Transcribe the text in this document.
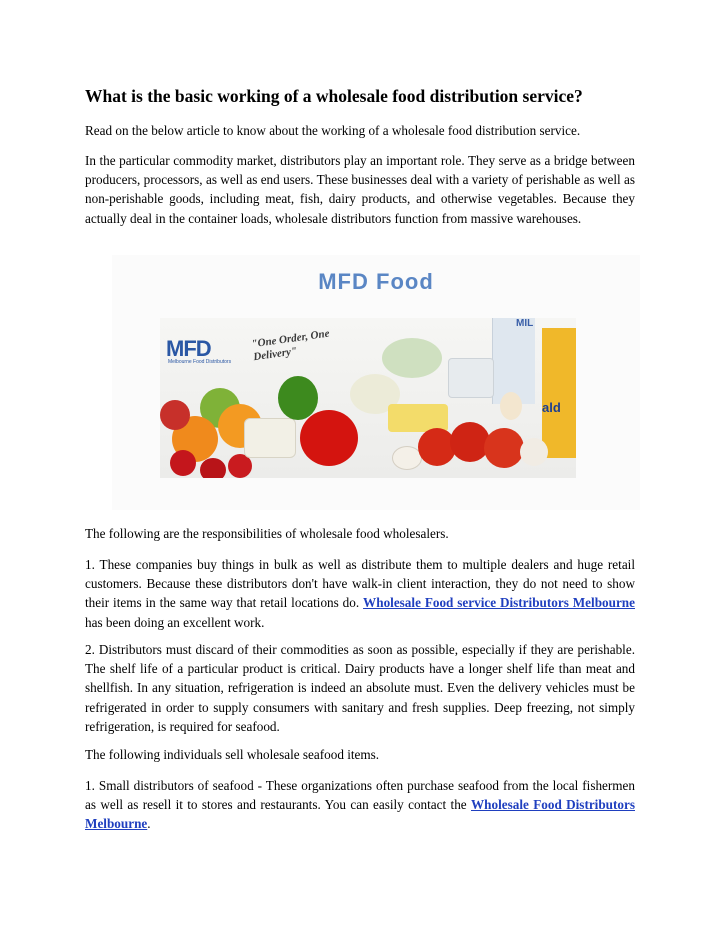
What is the basic working of a wholesale food distribution service?

Read on the below article to know about the working of a wholesale food distribution service.

In the particular commodity market, distributors play an important role. They serve as a bridge between producers, processors, as well as end users. These businesses deal with a variety of perishable as well as non-perishable goods, including meat, fish, dairy products, and otherwise vegetables. Because they actually deal in the container loads, wholesale distributors function from massive warehouses.

MFD Food
MFD
Melbourne Food Distributors
"One Order, One Delivery"
MIL
ald

The following are the responsibilities of wholesale food wholesalers.

1. These companies buy things in bulk as well as distribute them to multiple dealers and huge retail customers. Because these distributors don't have walk-in client interaction, they do not need to show their items in the same way that retail locations do. Wholesale Food service Distributors Melbourne has been doing an excellent work.

2. Distributors must discard of their commodities as soon as possible, especially if they are perishable. The shelf life of a particular product is critical. Dairy products have a longer shelf life than meat and shellfish. In any situation, refrigeration is indeed an absolute must. Even the delivery vehicles must be refrigerated in order to supply consumers with sanitary and fresh supplies. Deep freezing, not simply refrigeration, is required for seafood.

The following individuals sell wholesale seafood items.

1. Small distributors of seafood - These organizations often purchase seafood from the local fishermen as well as resell it to stores and restaurants. You can easily contact the Wholesale Food Distributors Melbourne.
